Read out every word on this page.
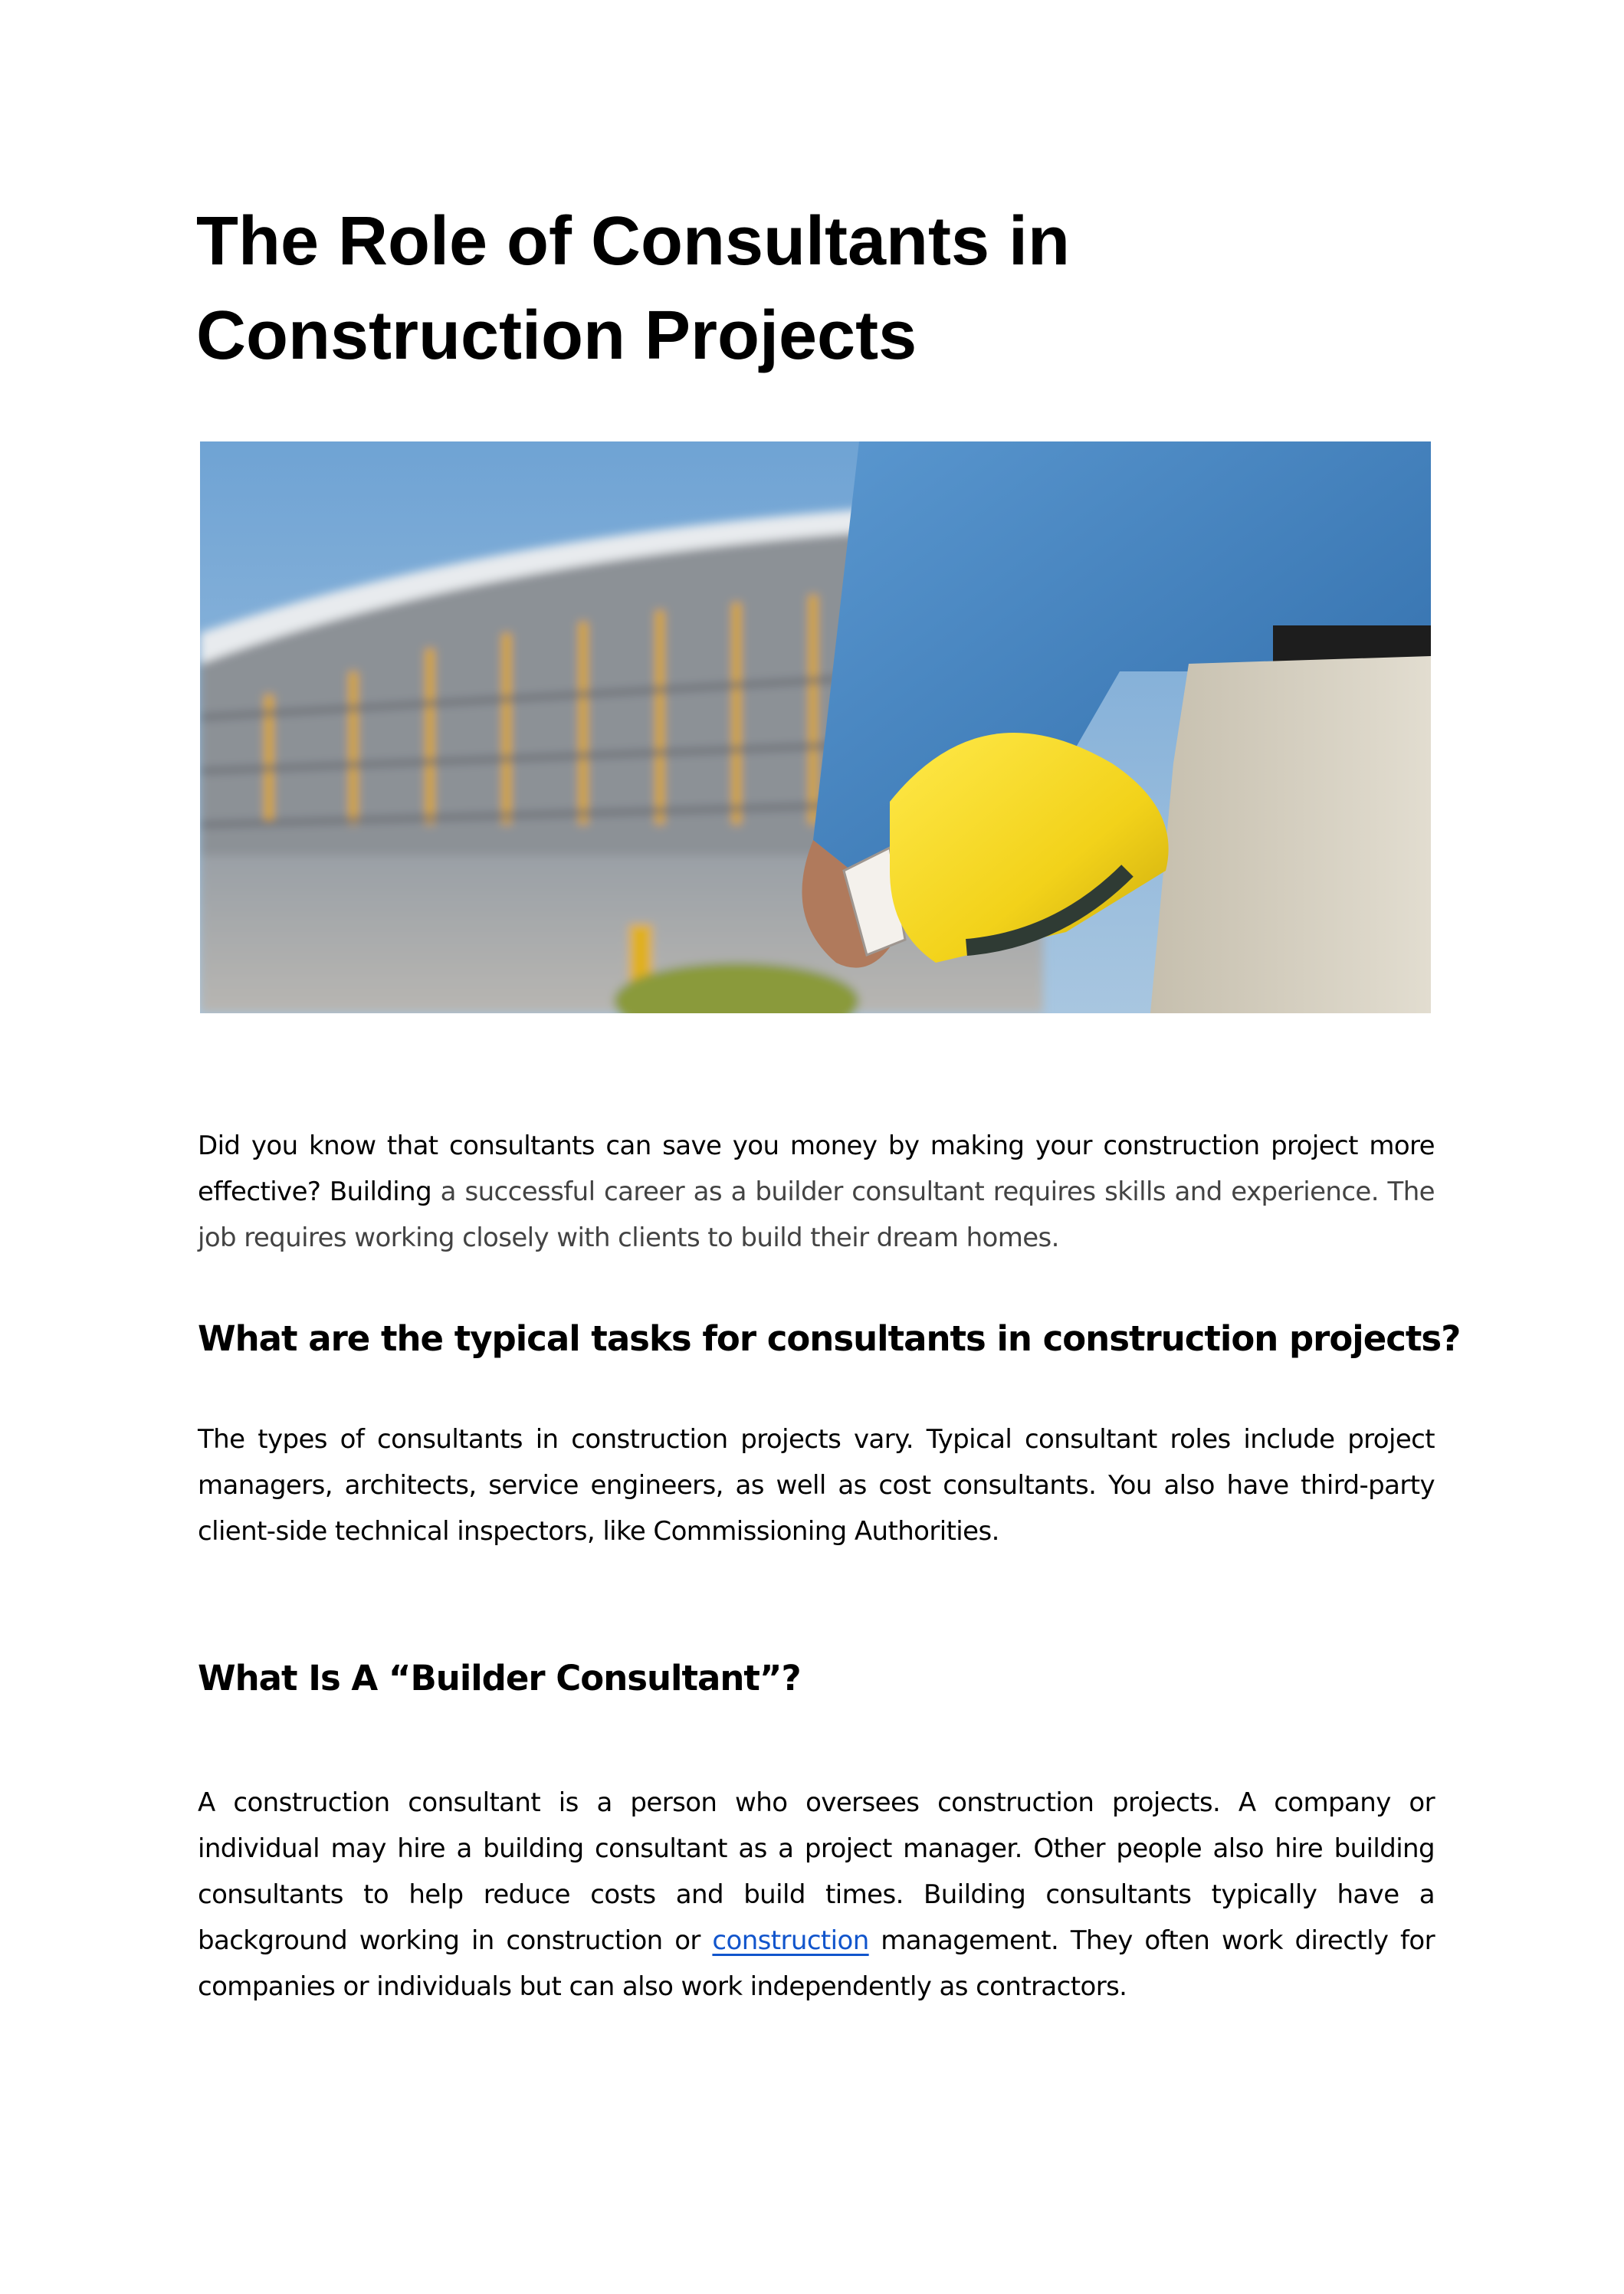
The Role of Consultants in
Construction Projects

Did you know that consultants can save you money by making your construction project more effective? Building a successful career as a builder consultant requires skills and experience. The job requires working closely with clients to build their dream homes.

What are the typical tasks for consultants in construction projects?

The types of consultants in construction projects vary. Typical consultant roles include project managers, architects, service engineers, as well as cost consultants. You also have third-party client-side technical inspectors, like Commissioning Authorities.

What Is A “Builder Consultant”?

A construction consultant is a person who oversees construction projects. A company or individual may hire a building consultant as a project manager. Other people also hire building consultants to help reduce costs and build times. Building consultants typically have a background working in construction or construction management. They often work directly for companies or individuals but can also work independently as contractors.
